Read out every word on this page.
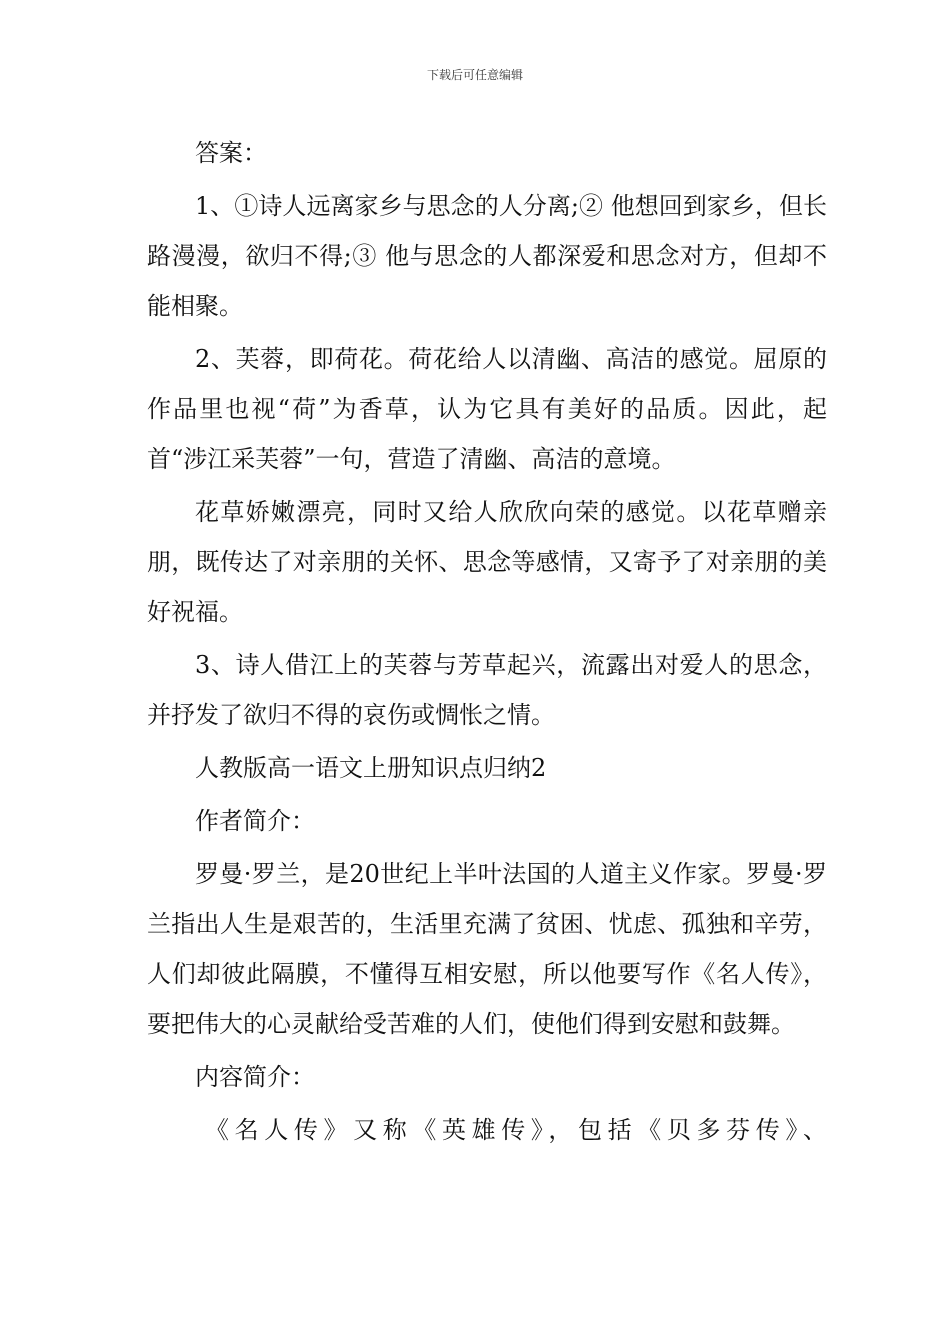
下载后可任意编辑

答案：

1、①诗人远离家乡与思念的人分离;② 他想回到家乡，但长路漫漫，欲归不得;③ 他与思念的人都深爱和思念对方，但却不能相聚。

2、芙蓉，即荷花。荷花给人以清幽、高洁的感觉。屈原的作品里也视“荷”为香草，认为它具有美好的品质。因此，起首“涉江采芙蓉”一句，营造了清幽、高洁的意境。

花草娇嫩漂亮，同时又给人欣欣向荣的感觉。以花草赠亲朋，既传达了对亲朋的关怀、思念等感情，又寄予了对亲朋的美好祝福。

3、诗人借江上的芙蓉与芳草起兴，流露出对爱人的思念，并抒发了欲归不得的哀伤或惆怅之情。

人教版高一语文上册知识点归纳2

作者简介：

罗曼·罗兰，是20世纪上半叶法国的人道主义作家。罗曼·罗兰指出人生是艰苦的，生活里充满了贫困、忧虑、孤独和辛劳，人们却彼此隔膜，不懂得互相安慰，所以他要写作《名人传》，要把伟大的心灵献给受苦难的人们，使他们得到安慰和鼓舞。

内容简介：

《名人传》又称《英雄传》，包括《贝多芬传》、
